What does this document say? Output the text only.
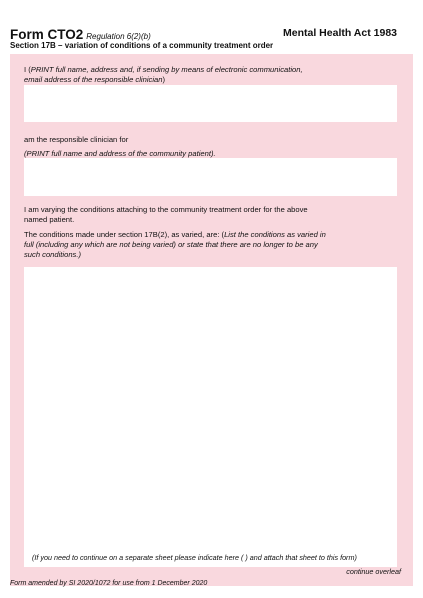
Form CTO2 Regulation 6(2)(b)	Mental Health Act 1983
Section 17B – variation of conditions of a community treatment order
I (PRINT full name, address and, if sending by means of electronic communication,
email address of the responsible clinician)
am the responsible clinician for
(PRINT full name and address of the community patient).
I am varying the conditions attaching to the community treatment order for the above
named patient.
The conditions made under section 17B(2), as varied, are: (List the conditions as varied in
full (including any which are not being varied) or state that there are no longer to be any
such conditions.)
(If you need to continue on a separate sheet please indicate here ( ) and attach that sheet to this form)
continue overleaf
Form amended by SI 2020/1072 for use from 1 December 2020
